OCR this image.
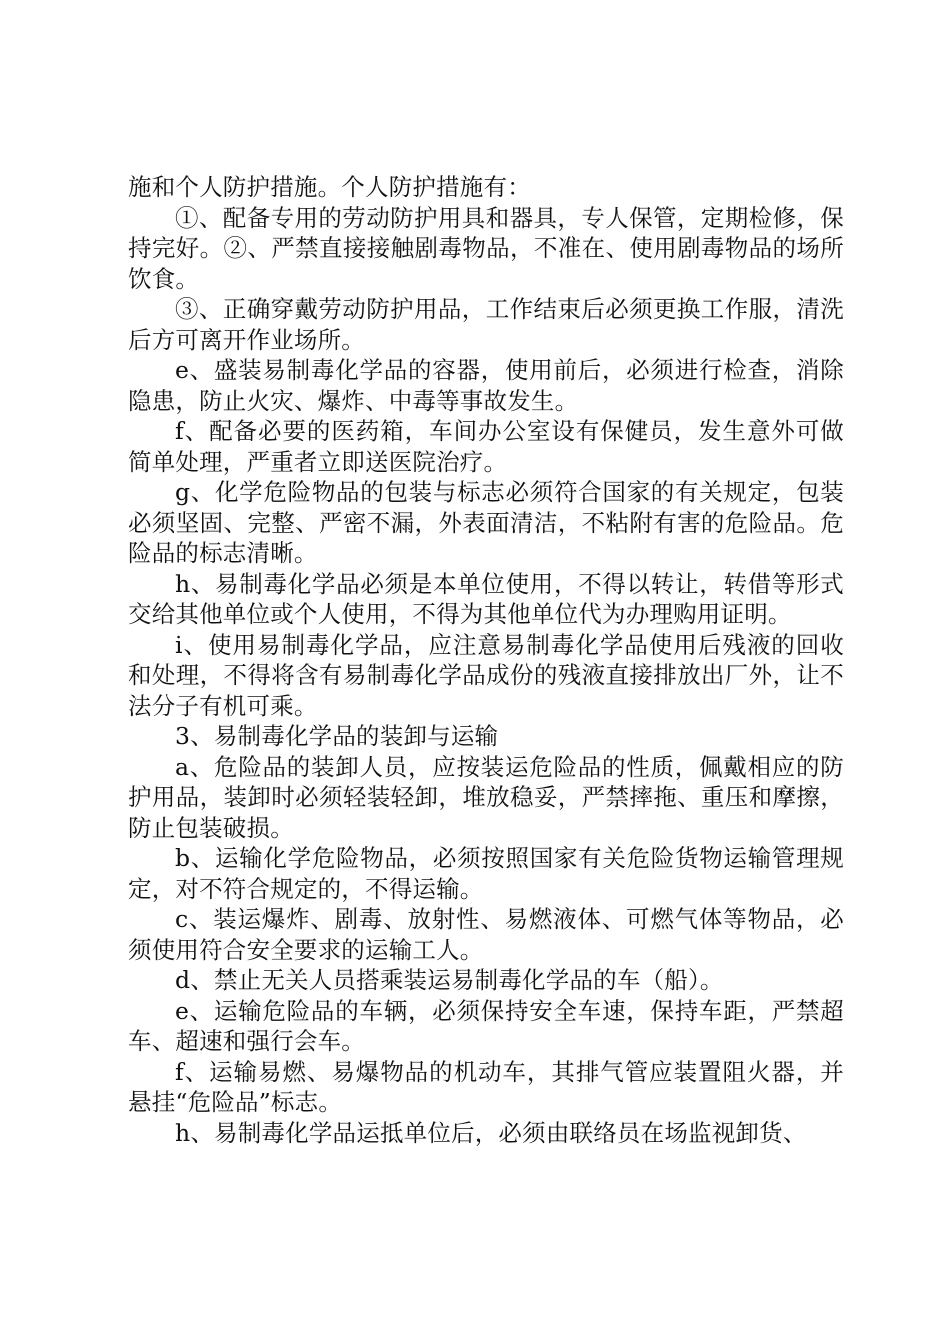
施和个人防护措施。个人防护措施有：

①、配备专用的劳动防护用具和器具，专人保管，定期检修，保持完好。②、严禁直接接触剧毒物品，不准在、使用剧毒物品的场所饮食。

③、正确穿戴劳动防护用品，工作结束后必须更换工作服，清洗后方可离开作业场所。

e、盛装易制毒化学品的容器，使用前后，必须进行检查，消除隐患，防止火灾、爆炸、中毒等事故发生。

f、配备必要的医药箱，车间办公室设有保健员，发生意外可做简单处理，严重者立即送医院治疗。

g、化学危险物品的包装与标志必须符合国家的有关规定，包装必须坚固、完整、严密不漏，外表面清洁，不粘附有害的危险品。危险品的标志清晰。

h、易制毒化学品必须是本单位使用，不得以转让，转借等形式交给其他单位或个人使用，不得为其他单位代为办理购用证明。

i、使用易制毒化学品，应注意易制毒化学品使用后残液的回收和处理，不得将含有易制毒化学品成份的残液直接排放出厂外，让不法分子有机可乘。

3、易制毒化学品的装卸与运输

a、危险品的装卸人员，应按装运危险品的性质，佩戴相应的防护用品，装卸时必须轻装轻卸，堆放稳妥，严禁摔拖、重压和摩擦，防止包装破损。

b、运输化学危险物品，必须按照国家有关危险货物运输管理规定，对不符合规定的，不得运输。

c、装运爆炸、剧毒、放射性、易燃液体、可燃气体等物品，必须使用符合安全要求的运输工人。

d、禁止无关人员搭乘装运易制毒化学品的车（船）。

e、运输危险品的车辆，必须保持安全车速，保持车距，严禁超车、超速和强行会车。

f、运输易燃、易爆物品的机动车，其排气管应装置阻火器，并悬挂“危险品”标志。

h、易制毒化学品运抵单位后，必须由联络员在场监视卸货、
